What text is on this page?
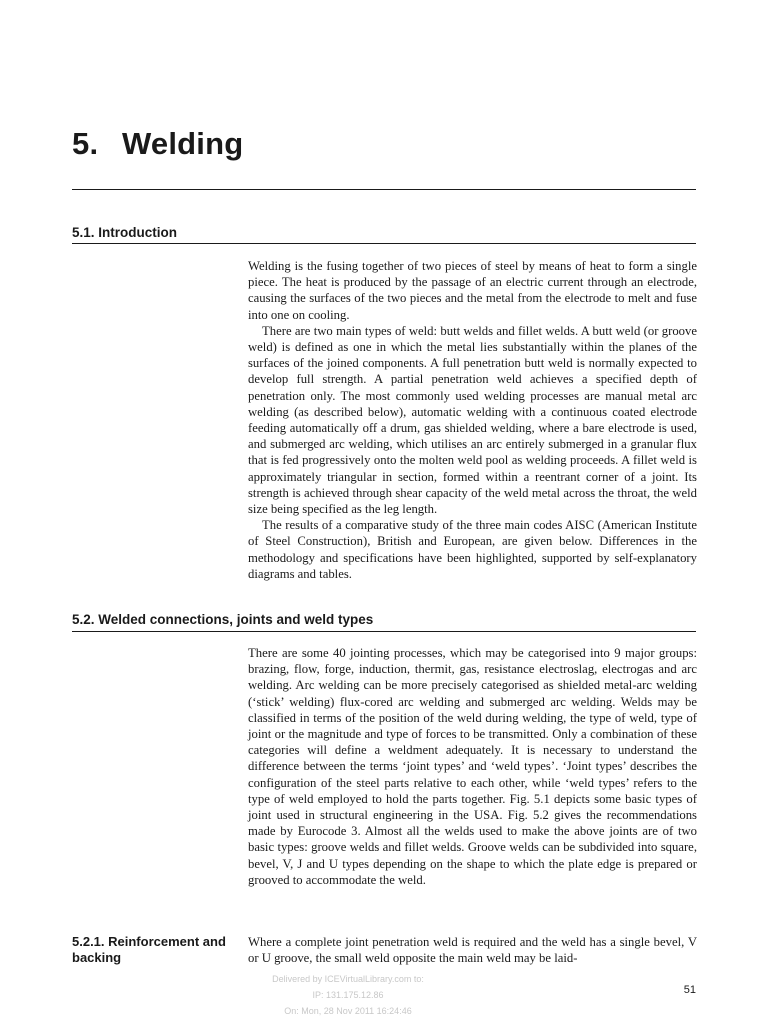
5. Welding
5.1. Introduction

Welding is the fusing together of two pieces of steel by means of heat to form a single piece. The heat is produced by the passage of an electric current through an electrode, causing the surfaces of the two pieces and the metal from the electrode to melt and fuse into one on cooling.

There are two main types of weld: butt welds and fillet welds. A butt weld (or groove weld) is defined as one in which the metal lies substantially within the planes of the surfaces of the joined components. A full penetration butt weld is normally expected to develop full strength. A partial penetration weld achieves a specified depth of penetration only. The most commonly used welding processes are manual metal arc welding (as described below), automatic welding with a continuous coated electrode feeding automatically off a drum, gas shielded welding, where a bare electrode is used, and submerged arc welding, which utilises an arc entirely submerged in a granular flux that is fed progressively onto the molten weld pool as welding proceeds. A fillet weld is approximately triangular in section, formed within a reentrant corner of a joint. Its strength is achieved through shear capacity of the weld metal across the throat, the weld size being specified as the leg length.

The results of a comparative study of the three main codes AISC (American Institute of Steel Construction), British and European, are given below. Differences in the methodology and specifications have been highlighted, supported by self-explanatory diagrams and tables.

5.2. Welded connections, joints and weld types

There are some 40 jointing processes, which may be categorised into 9 major groups: brazing, flow, forge, induction, thermit, gas, resistance electroslag, electrogas and arc welding. Arc welding can be more precisely categorised as shielded metal-arc welding (‘stick’ welding) flux-cored arc welding and submerged arc welding. Welds may be classified in terms of the position of the weld during welding, the type of weld, type of joint or the magnitude and type of forces to be transmitted. Only a combination of these categories will define a weldment adequately. It is necessary to understand the difference between the terms ‘joint types’ and ‘weld types’. ‘Joint types’ describes the configuration of the steel parts relative to each other, while ‘weld types’ refers to the type of weld employed to hold the parts together. Fig. 5.1 depicts some basic types of joint used in structural engineering in the USA. Fig. 5.2 gives the recommendations made by Eurocode 3. Almost all the welds used to make the above joints are of two basic types: groove welds and fillet welds. Groove welds can be subdivided into square, bevel, V, J and U types depending on the shape to which the plate edge is prepared or grooved to accommodate the weld.

5.2.1. Reinforcement and backing

Where a complete joint penetration weld is required and the weld has a single bevel, V or U groove, the small weld opposite the main weld may be laid-

Delivered by ICEVirtualLibrary.com to:
IP: 131.175.12.86
On: Mon, 28 Nov 2011 16:24:46
51
